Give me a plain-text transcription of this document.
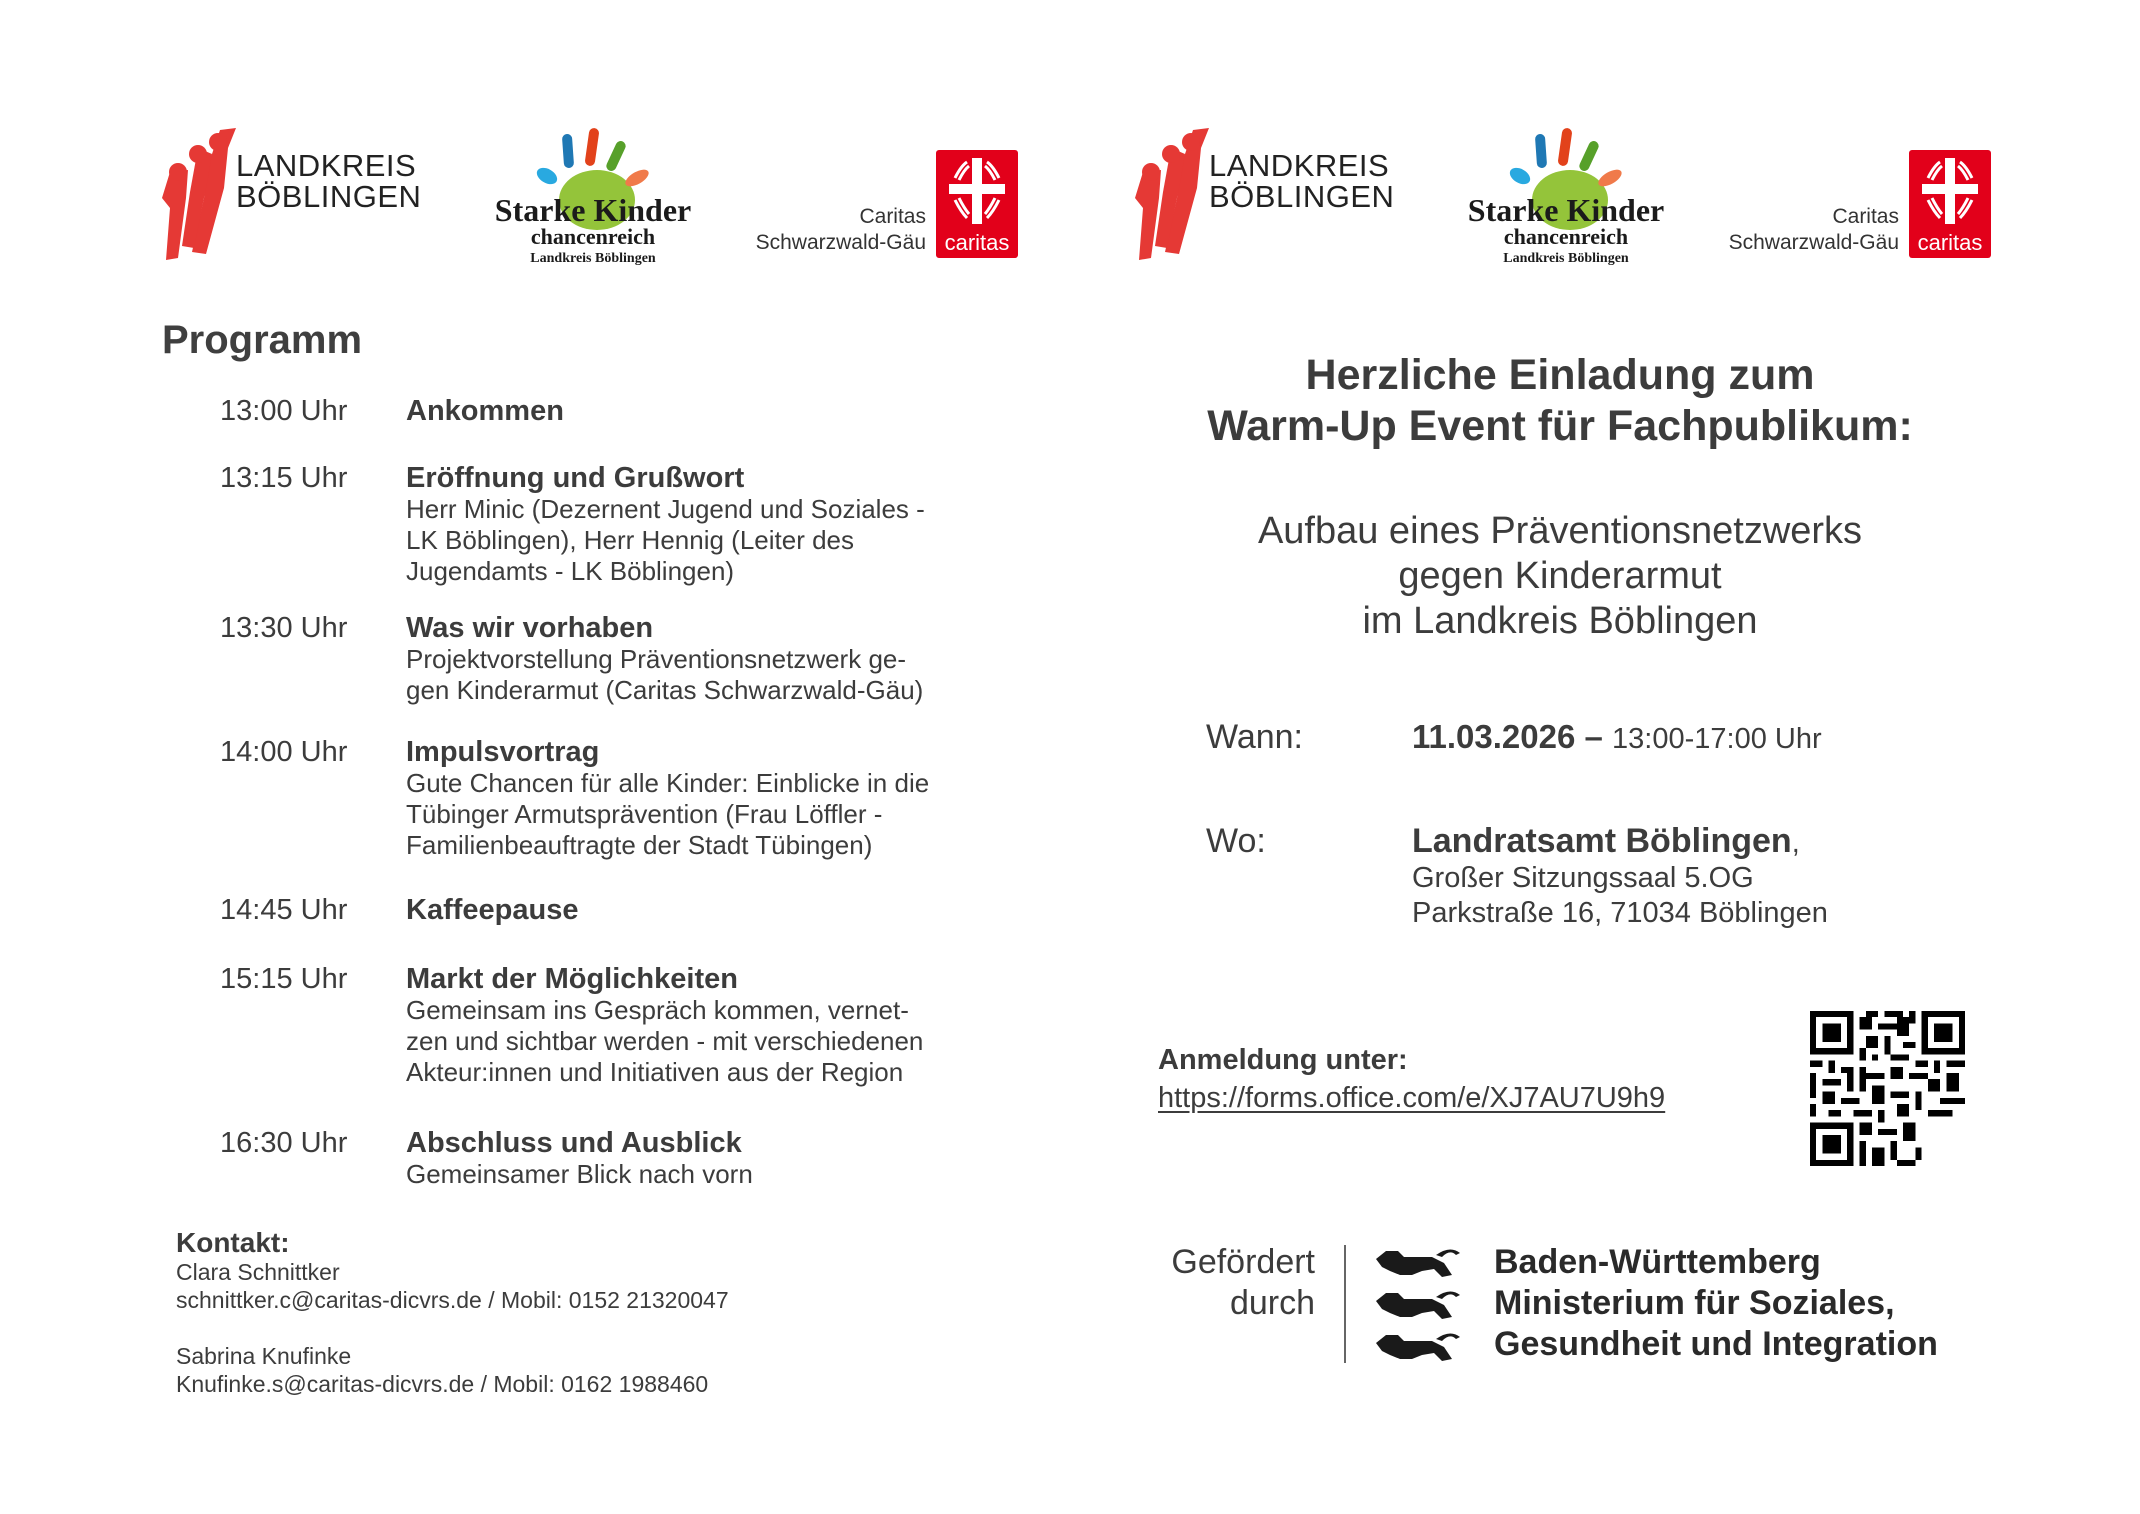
LANDKREIS
BÖBLINGEN	Starke Kinder
chancenreich
Landkreis Böblingen
Caritas
Schwarzwald-Gäu caritas
LANDKREIS
BÖBLINGEN	Starke Kinder
chancenreich
Landkreis Böblingen
Caritas
Schwarzwald-Gäu caritas
Programm
13:00 Uhr Ankommen
13:15 Uhr Eröffnung und Grußwort
Herr Minic (Dezernent Jugend und Soziales -
LK Böblingen), Herr Hennig (Leiter des
Jugendamts - LK Böblingen)
13:30 Uhr Was wir vorhaben
Projektvorstellung Präventionsnetzwerk ge-
gen Kinderarmut (Caritas Schwarzwald-Gäu)
14:00 Uhr Impulsvortrag
Gute Chancen für alle Kinder: Einblicke in die
Tübinger Armutsprävention (Frau Löffler -
Familienbeauftragte der Stadt Tübingen)
14:45 Uhr Kaffeepause
15:15 Uhr Markt der Möglichkeiten
Gemeinsam ins Gespräch kommen, vernet-
zen und sichtbar werden - mit verschiedenen
Akteur:innen und Initiativen aus der Region
16:30 Uhr Abschluss und Ausblick
Gemeinsamer Blick nach vorn
Kontakt:
Clara Schnittker
schnittker.c@caritas-dicvrs.de / Mobil: 0152 21320047
Sabrina Knufinke
Knufinke.s@caritas-dicvrs.de / Mobil: 0162 1988460
Herzliche Einladung zum
Warm-Up Event für Fachpublikum:
Aufbau eines Präventionsnetzwerks
gegen Kinderarmut
im Landkreis Böblingen
Wann:	11.03.2026 – 13:00-17:00 Uhr
Wo:	Landratsamt Böblingen,
Großer Sitzungssaal 5.OG
Parkstraße 16, 71034 Böblingen
Anmeldung unter:
https://forms.office.com/e/XJ7AU7U9h9
Gefördert
durch
Baden-Württemberg
Ministerium für Soziales,
Gesundheit und Integration
